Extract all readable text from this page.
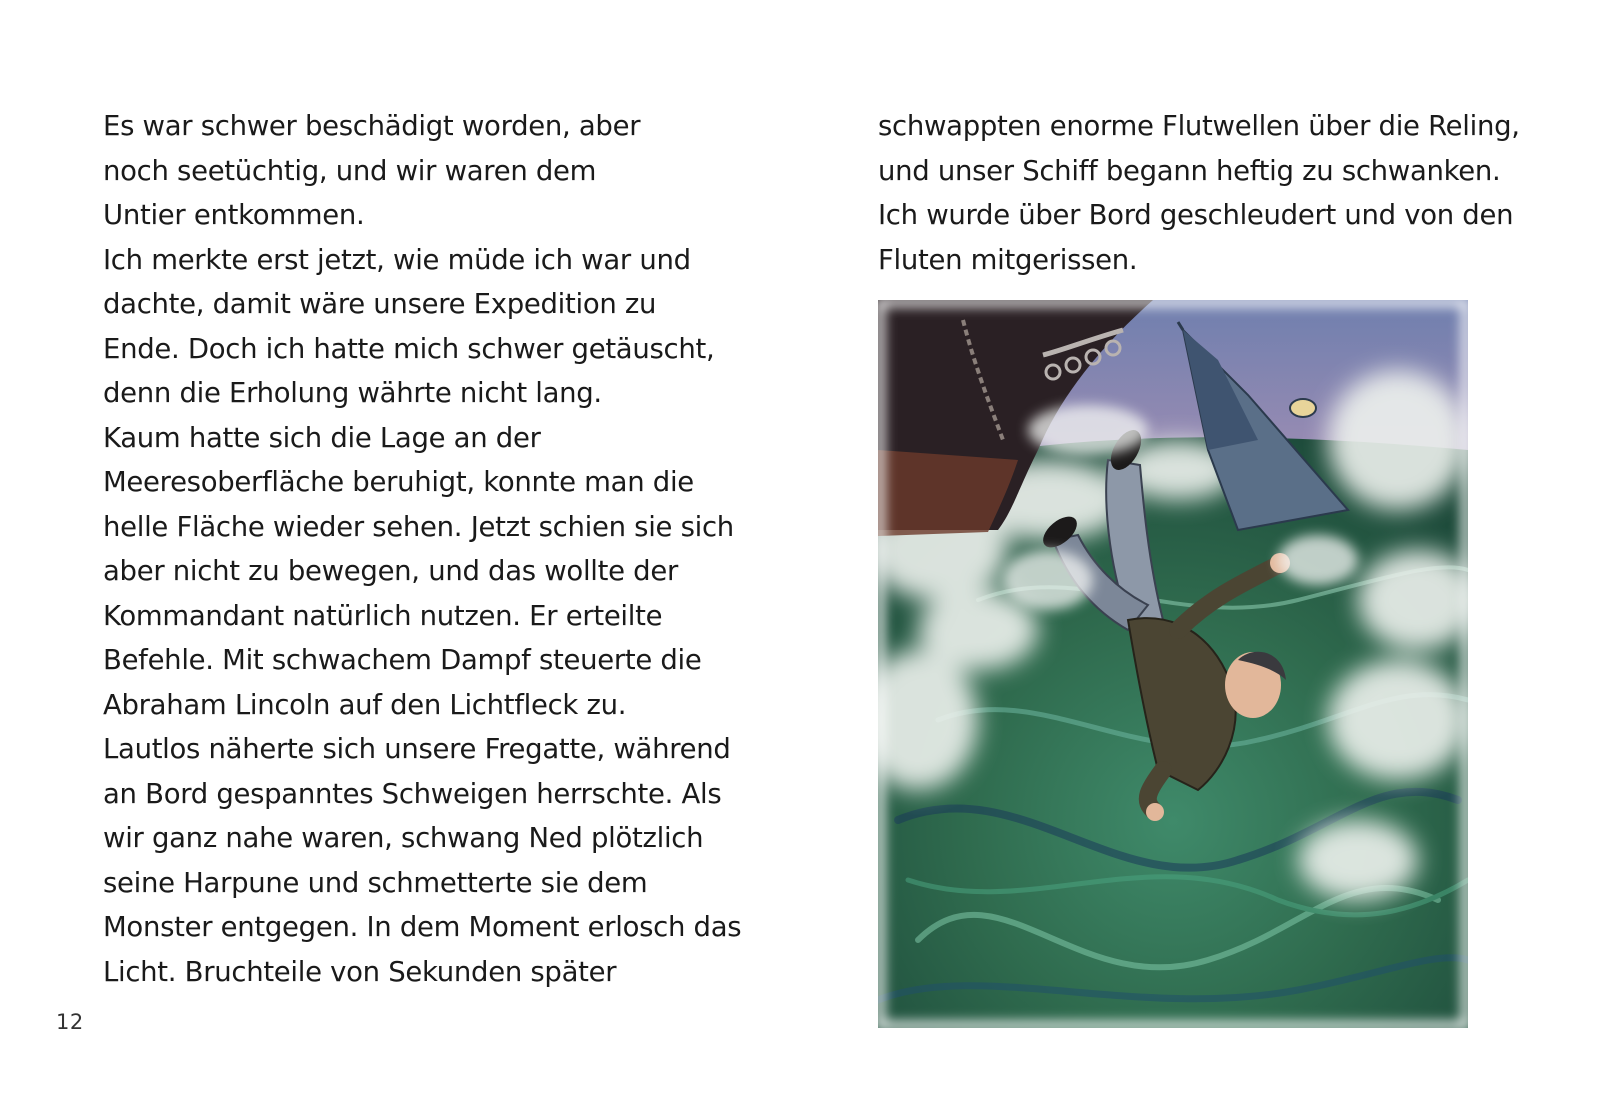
Es war schwer beschädigt worden, aber
noch seetüchtig, und wir waren dem
Untier entkommen.
Ich merkte erst jetzt, wie müde ich war und
dachte, damit wäre unsere Expedition zu
Ende. Doch ich hatte mich schwer getäuscht,
denn die Erholung währte nicht lang.
Kaum hatte sich die Lage an der
Meeresoberfläche beruhigt, konnte man die
helle Fläche wieder sehen. Jetzt schien sie sich
aber nicht zu bewegen, und das wollte der
Kommandant natürlich nutzen. Er erteilte
Befehle. Mit schwachem Dampf steuerte die
Abraham Lincoln auf den Lichtfleck zu.
Lautlos näherte sich unsere Fregatte, während
an Bord gespanntes Schweigen herrschte. Als
wir ganz nahe waren, schwang Ned plötzlich
seine Harpune und schmetterte sie dem
Monster entgegen. In dem Moment erlosch das
Licht. Bruchteile von Sekunden später
schwappten enorme Flutwellen über die Reling,
und unser Schiff begann heftig zu schwanken.
Ich wurde über Bord geschleudert und von den
Fluten mitgerissen.
12
